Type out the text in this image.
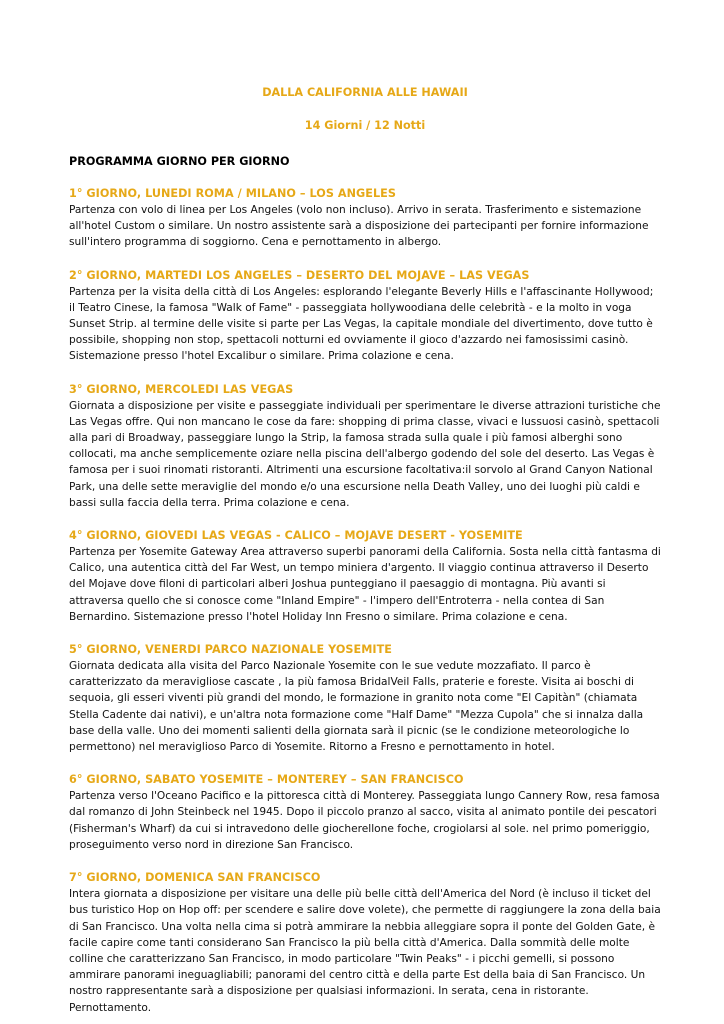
DALLA CALIFORNIA ALLE HAWAII

14 Giorni / 12 Notti

PROGRAMMA GIORNO PER GIORNO

1° GIORNO, LUNEDI ROMA / MILANO – LOS ANGELES

Partenza con volo di linea per Los Angeles (volo non incluso). Arrivo in serata. Trasferimento e sistemazione all'hotel Custom o similare. Un nostro assistente sarà a disposizione dei partecipanti per fornire informazione sull'intero programma di soggiorno. Cena e pernottamento in albergo.

2° GIORNO, MARTEDI LOS ANGELES – DESERTO DEL MOJAVE – LAS VEGAS

Partenza per la visita della città di Los Angeles: esplorando l'elegante Beverly Hills e l'affascinante Hollywood; il Teatro Cinese, la famosa "Walk of Fame" - passeggiata hollywoodiana delle celebrità - e la molto in voga Sunset Strip. al termine delle visite si parte per Las Vegas, la capitale mondiale del divertimento, dove tutto è possibile, shopping non stop, spettacoli notturni ed ovviamente il gioco d'azzardo nei famosissimi casinò. Sistemazione presso l'hotel Excalibur o similare. Prima colazione e cena.

3° GIORNO, MERCOLEDI LAS VEGAS

Giornata a disposizione per visite e passeggiate individuali per sperimentare le diverse attrazioni turistiche che Las Vegas offre. Qui non mancano le cose da fare: shopping di prima classe, vivaci e lussuosi casinò, spettacoli alla pari di Broadway, passeggiare lungo la Strip, la famosa strada sulla quale i più famosi alberghi sono collocati, ma anche semplicemente oziare nella piscina dell'albergo godendo del sole del deserto. Las Vegas è famosa per i suoi rinomati ristoranti. Altrimenti una escursione facoltativa:il sorvolo al Grand Canyon National Park, una delle sette meraviglie del mondo e/o una escursione nella Death Valley, uno dei luoghi più caldi e bassi sulla faccia della terra. Prima colazione e cena.

4° GIORNO, GIOVEDI LAS VEGAS - CALICO – MOJAVE DESERT - YOSEMITE

Partenza per Yosemite Gateway Area attraverso superbi panorami della California. Sosta nella città fantasma di Calico, una autentica città del Far West, un tempo miniera d'argento. Il viaggio continua attraverso il Deserto del Mojave dove filoni di particolari alberi Joshua punteggiano il paesaggio di montagna. Più avanti si attraversa quello che si conosce come "Inland Empire" - l'impero dell'Entroterra - nella contea di San Bernardino. Sistemazione presso l'hotel Holiday Inn Fresno o similare. Prima colazione e cena.

5° GIORNO, VENERDI PARCO NAZIONALE YOSEMITE

Giornata dedicata alla visita del Parco Nazionale Yosemite con le sue vedute mozzafiato. Il parco è caratterizzato da meravigliose cascate , la più famosa BridalVeil Falls, praterie e foreste. Visita ai boschi di sequoia, gli esseri viventi più grandi del mondo, le formazione in granito nota come "El Capitàn" (chiamata Stella Cadente dai nativi), e un'altra nota formazione come "Half Dame" "Mezza Cupola" che si innalza dalla base della valle. Uno dei momenti salienti della giornata sarà il picnic (se le condizione meteorologiche lo permettono) nel meraviglioso Parco di Yosemite. Ritorno a Fresno e pernottamento in hotel.

6° GIORNO, SABATO YOSEMITE – MONTEREY – SAN FRANCISCO

Partenza verso l'Oceano Pacifico e la pittoresca città di Monterey. Passeggiata lungo Cannery Row, resa famosa dal romanzo di John Steinbeck nel 1945. Dopo il piccolo pranzo al sacco, visita al animato pontile dei pescatori (Fisherman's Wharf) da cui si intravedono delle giocherellone foche, crogiolarsi al sole. nel primo pomeriggio, proseguimento verso nord in direzione San Francisco.

7° GIORNO, DOMENICA SAN FRANCISCO

Intera giornata a disposizione per visitare una delle più belle città dell'America del Nord (è incluso il ticket del bus turistico Hop on Hop off: per scendere e salire dove volete), che permette di raggiungere la zona della baia di San Francisco. Una volta nella cima si potrà ammirare la nebbia alleggiare sopra il ponte del Golden Gate, è facile capire come tanti considerano San Francisco la più bella città d'America. Dalla sommità delle molte colline che caratterizzano San Francisco, in modo particolare "Twin Peaks" - i picchi gemelli, si possono ammirare panorami ineguagliabili; panorami del centro città e della parte Est della baia di San Francisco. Un nostro rappresentante sarà a disposizione per qualsiasi informazioni. In serata, cena in ristorante. Pernottamento.
